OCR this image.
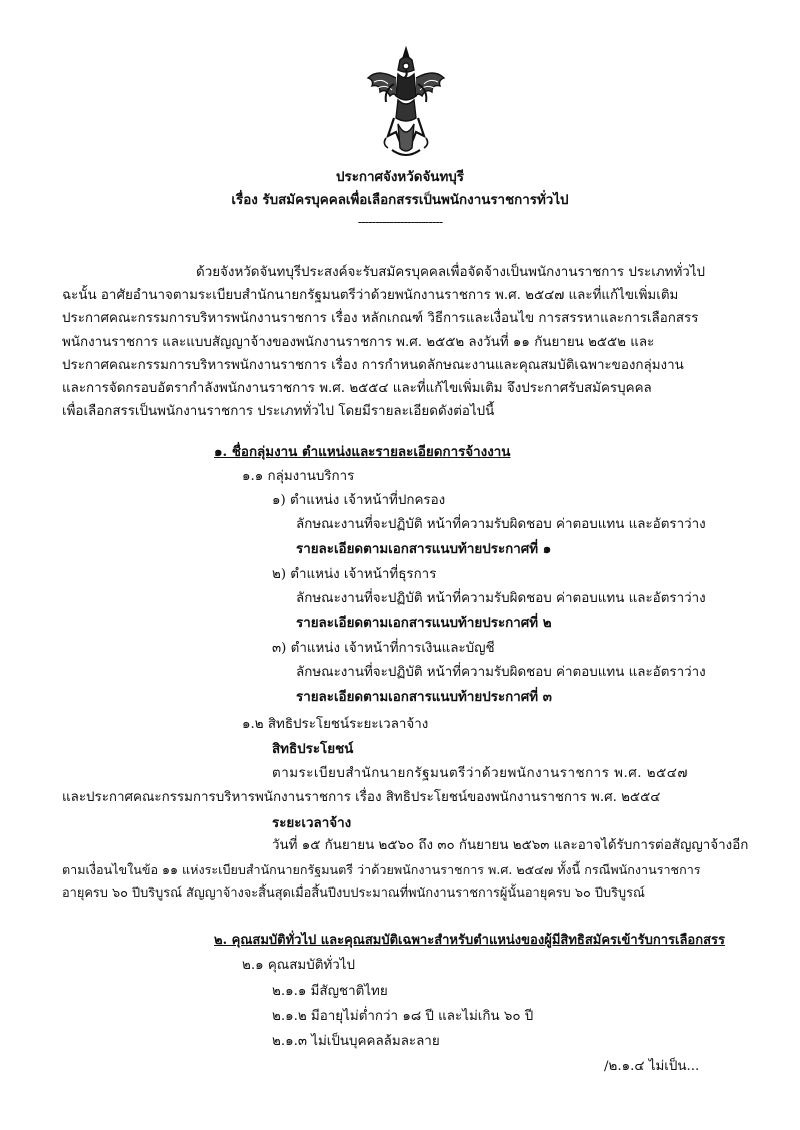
ประกาศจังหวัดจันทบุรี
เรื่อง รับสมัครบุคคลเพื่อเลือกสรรเป็นพนักงานราชการทั่วไป
------------------------
ด้วยจังหวัดจันทบุรีประสงค์จะรับสมัครบุคคลเพื่อจัดจ้างเป็นพนักงานราชการ ประเภททั่วไป
ฉะนั้น อาศัยอำนาจตามระเบียบสำนักนายกรัฐมนตรีว่าด้วยพนักงานราชการ พ.ศ. ๒๕๔๗ และที่แก้ไขเพิ่มเติม
ประกาศคณะกรรมการบริหารพนักงานราชการ เรื่อง หลักเกณฑ์ วิธีการและเงื่อนไข การสรรหาและการเลือกสรร
พนักงานราชการ และแบบสัญญาจ้างของพนักงานราชการ พ.ศ. ๒๕๕๒ ลงวันที่ ๑๑ กันยายน ๒๕๕๒ และ
ประกาศคณะกรรมการบริหารพนักงานราชการ เรื่อง การกำหนดลักษณะงานและคุณสมบัติเฉพาะของกลุ่มงาน
และการจัดกรอบอัตรากำลังพนักงานราชการ พ.ศ. ๒๕๕๔ และที่แก้ไขเพิ่มเติม จึงประกาศรับสมัครบุคคล
เพื่อเลือกสรรเป็นพนักงานราชการ ประเภททั่วไป โดยมีรายละเอียดดังต่อไปนี้
๑. ชื่อกลุ่มงาน ตำแหน่งและรายละเอียดการจ้างงาน
๑.๑ กลุ่มงานบริการ
๑) ตำแหน่ง เจ้าหน้าที่ปกครอง
ลักษณะงานที่จะปฏิบัติ หน้าที่ความรับผิดชอบ ค่าตอบแทน และอัตราว่าง
รายละเอียดตามเอกสารแนบท้ายประกาศที่ ๑
๒) ตำแหน่ง เจ้าหน้าที่ธุรการ
ลักษณะงานที่จะปฏิบัติ หน้าที่ความรับผิดชอบ ค่าตอบแทน และอัตราว่าง
รายละเอียดตามเอกสารแนบท้ายประกาศที่ ๒
๓) ตำแหน่ง เจ้าหน้าที่การเงินและบัญชี
ลักษณะงานที่จะปฏิบัติ หน้าที่ความรับผิดชอบ ค่าตอบแทน และอัตราว่าง
รายละเอียดตามเอกสารแนบท้ายประกาศที่ ๓
๑.๒ สิทธิประโยชน์ระยะเวลาจ้าง
สิทธิประโยชน์
ตามระเบียบสำนักนายกรัฐมนตรีว่าด้วยพนักงานราชการ พ.ศ. ๒๕๔๗
และประกาศคณะกรรมการบริหารพนักงานราชการ เรื่อง สิทธิประโยชน์ของพนักงานราชการ พ.ศ. ๒๕๕๔
ระยะเวลาจ้าง
วันที่ ๑๕ กันยายน ๒๕๖๐ ถึง ๓๐ กันยายน ๒๕๖๓ และอาจได้รับการต่อสัญญาจ้างอีก
ตามเงื่อนไขในข้อ ๑๑ แห่งระเบียบสำนักนายกรัฐมนตรี ว่าด้วยพนักงานราชการ พ.ศ. ๒๕๔๗ ทั้งนี้ กรณีพนักงานราชการ
อายุครบ ๖๐ ปีบริบูรณ์ สัญญาจ้างจะสิ้นสุดเมื่อสิ้นปีงบประมาณที่พนักงานราชการผู้นั้นอายุครบ ๖๐ ปีบริบูรณ์
๒. คุณสมบัติทั่วไป และคุณสมบัติเฉพาะสำหรับตำแหน่งของผู้มีสิทธิสมัครเข้ารับการเลือกสรร
๒.๑ คุณสมบัติทั่วไป
๒.๑.๑ มีสัญชาติไทย
๒.๑.๒ มีอายุไม่ต่ำกว่า ๑๘ ปี และไม่เกิน ๖๐ ปี
๒.๑.๓ ไม่เป็นบุคคลล้มละลาย
/๒.๑.๔ ไม่เป็น...
